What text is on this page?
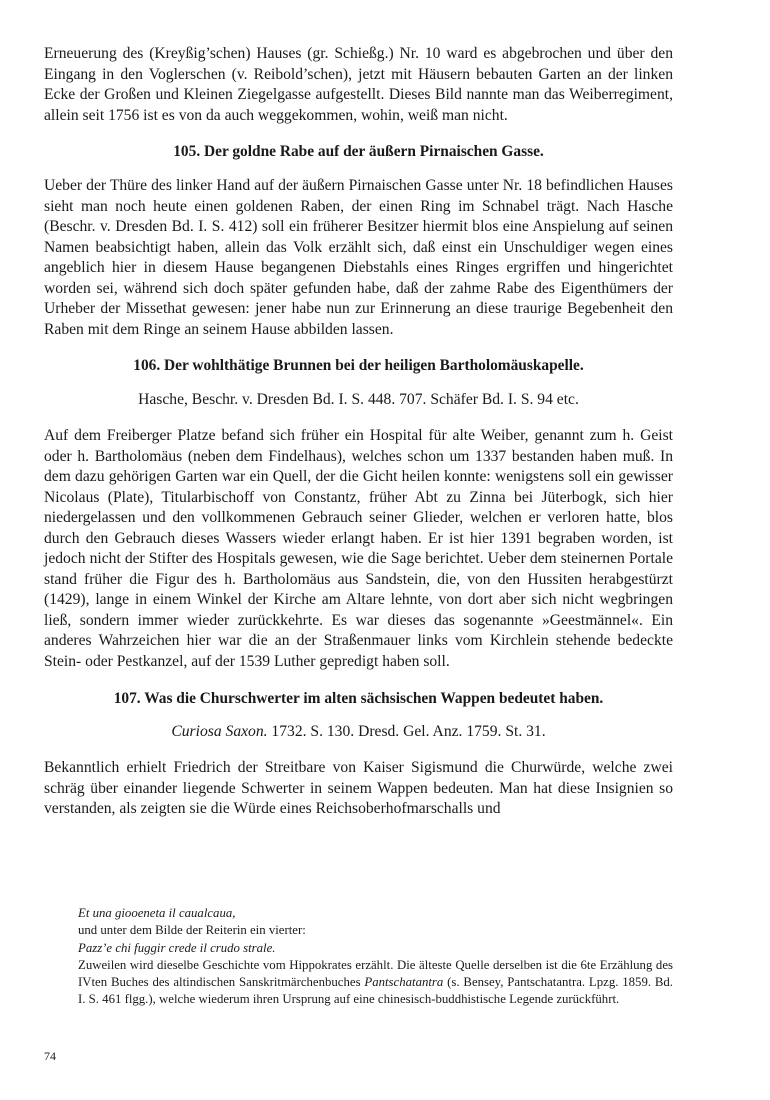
Erneuerung des (Kreyßig’schen) Hauses (gr. Schießg.) Nr. 10 ward es abgebrochen und über den Eingang in den Voglerschen (v. Reibold’schen), jetzt mit Häusern bebauten Garten an der linken Ecke der Großen und Kleinen Ziegelgasse aufgestellt. Dieses Bild nannte man das Weiberregiment, allein seit 1756 ist es von da auch weggekommen, wohin, weiß man nicht.

105. Der goldne Rabe auf der äußern Pirnaischen Gasse.

Ueber der Thüre des linker Hand auf der äußern Pirnaischen Gasse unter Nr. 18 befindlichen Hauses sieht man noch heute einen goldenen Raben, der einen Ring im Schnabel trägt. Nach Hasche (Beschr. v. Dresden Bd. I. S. 412) soll ein früherer Besitzer hiermit blos eine Anspielung auf seinen Namen beabsichtigt haben, allein das Volk erzählt sich, daß einst ein Unschuldiger wegen eines angeblich hier in diesem Hause begangenen Diebstahls eines Ringes ergriffen und hingerichtet worden sei, während sich doch später gefunden habe, daß der zahme Rabe des Eigenthümers der Urheber der Missethat gewesen: jener habe nun zur Erinnerung an diese traurige Begebenheit den Raben mit dem Ringe an seinem Hause abbilden lassen.

106. Der wohlthätige Brunnen bei der heiligen Bartholomäuskapelle.

Hasche, Beschr. v. Dresden Bd. I. S. 448. 707. Schäfer Bd. I. S. 94 etc.

Auf dem Freiberger Platze befand sich früher ein Hospital für alte Weiber, genannt zum h. Geist oder h. Bartholomäus (neben dem Findelhaus), welches schon um 1337 bestanden haben muß. In dem dazu gehörigen Garten war ein Quell, der die Gicht heilen konnte: wenigstens soll ein gewisser Nicolaus (Plate), Titularbischoff von Constantz, früher Abt zu Zinna bei Jüterbogk, sich hier niedergelassen und den vollkommenen Gebrauch seiner Glieder, welchen er verloren hatte, blos durch den Gebrauch dieses Wassers wieder erlangt haben. Er ist hier 1391 begraben worden, ist jedoch nicht der Stifter des Hospitals gewesen, wie die Sage berichtet. Ueber dem steinernen Portale stand früher die Figur des h. Bartholomäus aus Sandstein, die, von den Hussiten herabgestürzt (1429), lange in einem Winkel der Kirche am Altare lehnte, von dort aber sich nicht wegbringen ließ, sondern immer wieder zurückkehrte. Es war dieses das sogenannte »Geestmännel«. Ein anderes Wahrzeichen hier war die an der Straßenmauer links vom Kirchlein stehende bedeckte Stein- oder Pestkanzel, auf der 1539 Luther gepredigt haben soll.

107. Was die Churschwerter im alten sächsischen Wappen bedeutet haben.

Curiosa Saxon. 1732. S. 130. Dresd. Gel. Anz. 1759. St. 31.

Bekanntlich erhielt Friedrich der Streitbare von Kaiser Sigismund die Churwürde, welche zwei schräg über einander liegende Schwerter in seinem Wappen bedeuten. Man hat diese Insignien so verstanden, als zeigten sie die Würde eines Reichsoberhofmarschalls und

Et una giooeneta il caualcaua,

und unter dem Bilde der Reiterin ein vierter:

Pazz’e chi fuggir crede il crudo strale.

Zuweilen wird dieselbe Geschichte vom Hippokrates erzählt. Die älteste Quelle derselben ist die 6te Erzählung des IVten Buches des altindischen Sanskritmärchenbuches Pantschatantra (s. Bensey, Pantschatantra. Lpzg. 1859. Bd. I. S. 461 flgg.), welche wiederum ihren Ursprung auf eine chinesisch-buddhistische Legende zurückführt.

74
